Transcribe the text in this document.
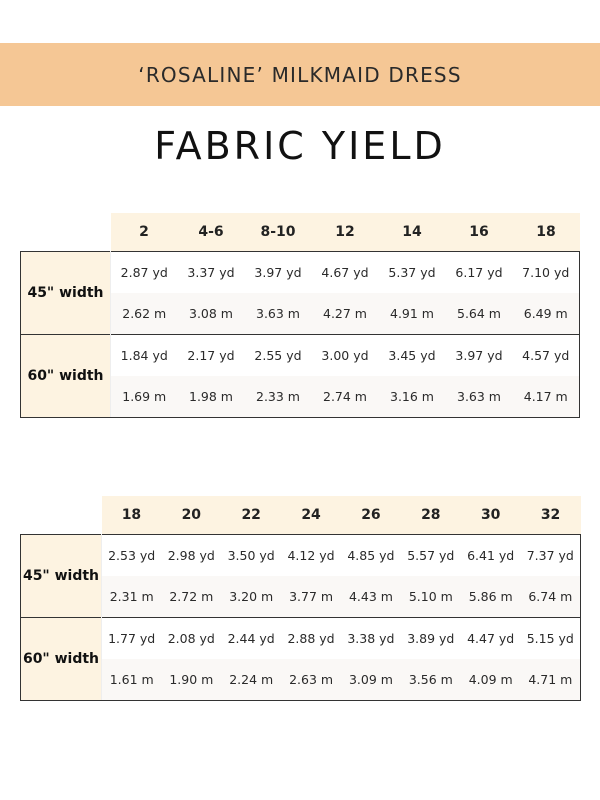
‘ROSALINE’ MILKMAID DRESS
FABRIC YIELD
	2	4-6	8-10	12	14	16	18
45" width	2.87 yd	3.37 yd	3.97 yd	4.67 yd	5.37 yd	6.17 yd	7.10 yd
	2.62 m	3.08 m	3.63 m	4.27 m	4.91 m	5.64 m	6.49 m
60" width	1.84 yd	2.17 yd	2.55 yd	3.00 yd	3.45 yd	3.97 yd	4.57 yd
	1.69 m	1.98 m	2.33 m	2.74 m	3.16 m	3.63 m	4.17 m
	18	20	22	24	26	28	30	32
45" width	2.53 yd	2.98 yd	3.50 yd	4.12 yd	4.85 yd	5.57 yd	6.41 yd	7.37 yd
	2.31 m	2.72 m	3.20 m	3.77 m	4.43 m	5.10 m	5.86 m	6.74 m
60" width	1.77 yd	2.08 yd	2.44 yd	2.88 yd	3.38 yd	3.89 yd	4.47 yd	5.15 yd
	1.61 m	1.90 m	2.24 m	2.63 m	3.09 m	3.56 m	4.09 m	4.71 m
